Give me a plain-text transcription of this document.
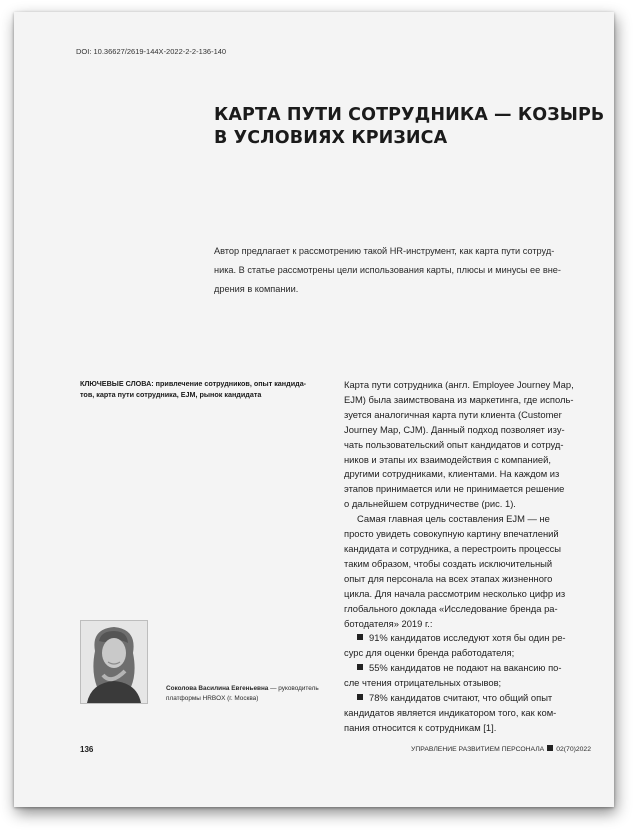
DOI: 10.36627/2619-144X-2022-2-2-136-140
КАРТА ПУТИ СОТРУДНИКА — КОЗЫРЬ
В УСЛОВИЯХ КРИЗИСА
Автор предлагает к рассмотрению такой HR-инструмент, как карта пути сотруд-
ника. В статье рассмотрены цели использования карты, плюсы и минусы ее вне-
дрения в компании.
КЛЮЧЕВЫЕ СЛОВА: привлечение сотрудников, опыт кандида-
тов, карта пути сотрудника, EJM, рынок кандидата
Карта пути сотрудника (англ. Employee Journey Map,
EJM) была заимствована из маркетинга, где исполь-
зуется аналогичная карта пути клиента (Customer
Journey Map, CJM). Данный подход позволяет изу-
чать пользовательский опыт кандидатов и сотруд-
ников и этапы их взаимодействия с компанией,
другими сотрудниками, клиентами. На каждом из
этапов принимается или не принимается решение
о дальнейшем сотрудничестве (рис. 1).
Самая главная цель составления EJM — не
просто увидеть совокупную картину впечатлений
кандидата и сотрудника, а перестроить процессы
таким образом, чтобы создать исключительный
опыт для персонала на всех этапах жизненного
цикла. Для начала рассмотрим несколько цифр из
глобального доклада «Исследование бренда ра-
ботодателя» 2019 г.:
91% кандидатов исследуют хотя бы один ре-
сурс для оценки бренда работодателя;
55% кандидатов не подают на вакансию по-
сле чтения отрицательных отзывов;
78% кандидатов считают, что общий опыт
кандидатов является индикатором того, как ком-
пания относится к сотрудникам [1].
Соколова Василина Евгеньевна — руководитель
платформы HRBOX (г. Москва)
136	УПРАВЛЕНИЕ РАЗВИТИЕМ ПЕРСОНАЛА 02(70)2022
